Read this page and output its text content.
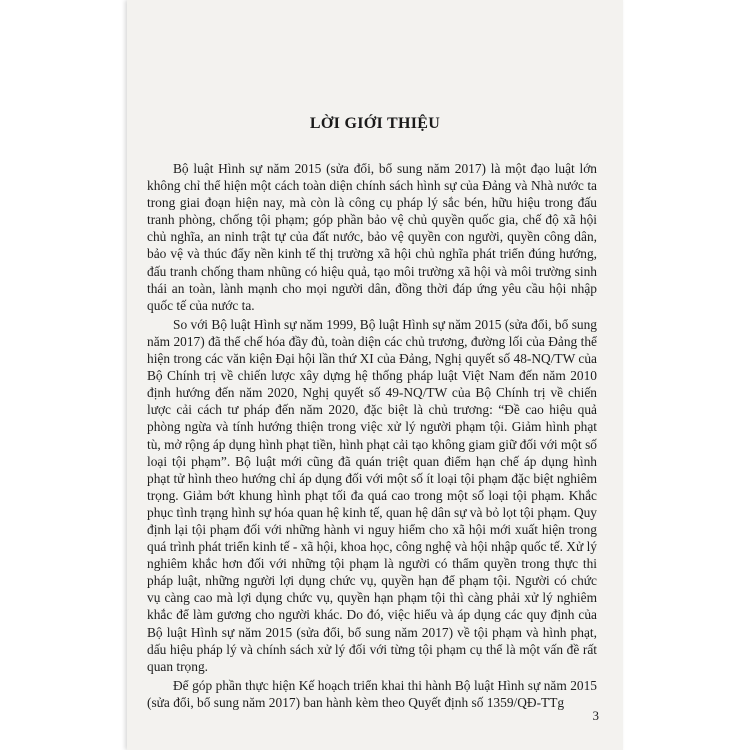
LỜI GIỚI THIỆU

Bộ luật Hình sự năm 2015 (sửa đổi, bổ sung năm 2017) là một đạo luật lớn không chỉ thể hiện một cách toàn diện chính sách hình sự của Đảng và Nhà nước ta trong giai đoạn hiện nay, mà còn là công cụ pháp lý sắc bén, hữu hiệu trong đấu tranh phòng, chống tội phạm; góp phần bảo vệ chủ quyền quốc gia, chế độ xã hội chủ nghĩa, an ninh trật tự của đất nước, bảo vệ quyền con người, quyền công dân, bảo vệ và thúc đẩy nền kinh tế thị trường xã hội chủ nghĩa phát triển đúng hướng, đấu tranh chống tham nhũng có hiệu quả, tạo môi trường xã hội và môi trường sinh thái an toàn, lành mạnh cho mọi người dân, đồng thời đáp ứng yêu cầu hội nhập quốc tế của nước ta.

So với Bộ luật Hình sự năm 1999, Bộ luật Hình sự năm 2015 (sửa đổi, bổ sung năm 2017) đã thể chế hóa đầy đủ, toàn diện các chủ trương, đường lối của Đảng thể hiện trong các văn kiện Đại hội lần thứ XI của Đảng, Nghị quyết số 48-NQ/TW của Bộ Chính trị về chiến lược xây dựng hệ thống pháp luật Việt Nam đến năm 2010 định hướng đến năm 2020, Nghị quyết số 49-NQ/TW của Bộ Chính trị về chiến lược cải cách tư pháp đến năm 2020, đặc biệt là chủ trương: “Đề cao hiệu quả phòng ngừa và tính hướng thiện trong việc xử lý người phạm tội. Giảm hình phạt tù, mở rộng áp dụng hình phạt tiền, hình phạt cải tạo không giam giữ đối với một số loại tội phạm”. Bộ luật mới cũng đã quán triệt quan điểm hạn chế áp dụng hình phạt tử hình theo hướng chỉ áp dụng đối với một số ít loại tội phạm đặc biệt nghiêm trọng. Giảm bớt khung hình phạt tối đa quá cao trong một số loại tội phạm. Khắc phục tình trạng hình sự hóa quan hệ kinh tế, quan hệ dân sự và bỏ lọt tội phạm. Quy định lại tội phạm đối với những hành vi nguy hiểm cho xã hội mới xuất hiện trong quá trình phát triển kinh tế - xã hội, khoa học, công nghệ và hội nhập quốc tế. Xử lý nghiêm khắc hơn đối với những tội phạm là người có thẩm quyền trong thực thi pháp luật, những người lợi dụng chức vụ, quyền hạn để phạm tội. Người có chức vụ càng cao mà lợi dụng chức vụ, quyền hạn phạm tội thì càng phải xử lý nghiêm khắc để làm gương cho người khác. Do đó, việc hiểu và áp dụng các quy định của Bộ luật Hình sự năm 2015 (sửa đổi, bổ sung năm 2017) về tội phạm và hình phạt, dấu hiệu pháp lý và chính sách xử lý đối với từng tội phạm cụ thể là một vấn đề rất quan trọng.

Để góp phần thực hiện Kế hoạch triển khai thi hành Bộ luật Hình sự năm 2015 (sửa đổi, bổ sung năm 2017) ban hành kèm theo Quyết định số 1359/QĐ-TTg

3
